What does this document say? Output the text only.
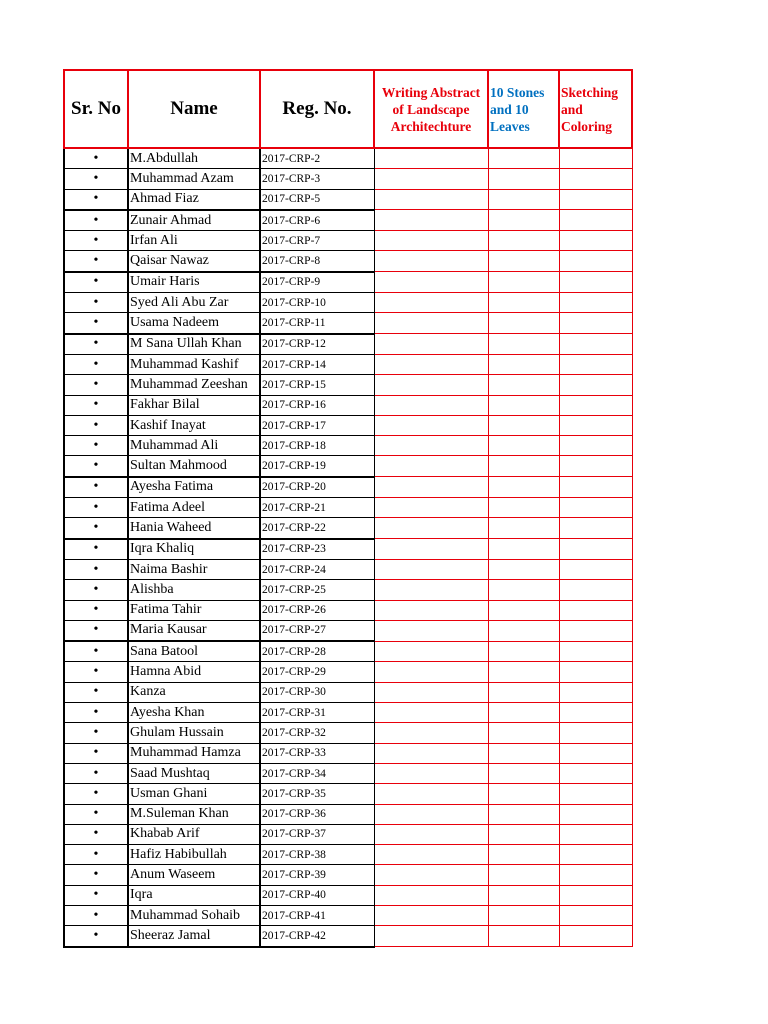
Sr. No	Name	Reg. No.	Writing Abstract of Landscape Architechture	10 Stones and 10 Leaves	Sketching and Coloring
•	M.Abdullah	2017-CRP-2			
•	Muhammad Azam	2017-CRP-3			
•	Ahmad Fiaz	2017-CRP-5			
•	Zunair Ahmad	2017-CRP-6			
•	Irfan Ali	2017-CRP-7			
•	Qaisar Nawaz	2017-CRP-8			
•	Umair Haris	2017-CRP-9			
•	Syed Ali Abu Zar	2017-CRP-10			
•	Usama Nadeem	2017-CRP-11			
•	M Sana Ullah Khan	2017-CRP-12			
•	Muhammad Kashif	2017-CRP-14			
•	Muhammad Zeeshan	2017-CRP-15			
•	Fakhar Bilal	2017-CRP-16			
•	Kashif Inayat	2017-CRP-17			
•	Muhammad Ali	2017-CRP-18			
•	Sultan Mahmood	2017-CRP-19			
•	Ayesha Fatima	2017-CRP-20			
•	Fatima Adeel	2017-CRP-21			
•	Hania Waheed	2017-CRP-22			
•	Iqra Khaliq	2017-CRP-23			
•	Naima Bashir	2017-CRP-24			
•	Alishba	2017-CRP-25			
•	Fatima Tahir	2017-CRP-26			
•	Maria Kausar	2017-CRP-27			
•	Sana Batool	2017-CRP-28			
•	Hamna Abid	2017-CRP-29			
•	Kanza	2017-CRP-30			
•	Ayesha Khan	2017-CRP-31			
•	Ghulam Hussain	2017-CRP-32			
•	Muhammad Hamza	2017-CRP-33			
•	Saad Mushtaq	2017-CRP-34			
•	Usman Ghani	2017-CRP-35			
•	M.Suleman Khan	2017-CRP-36			
•	Khabab Arif	2017-CRP-37			
•	Hafiz Habibullah	2017-CRP-38			
•	Anum Waseem	2017-CRP-39			
•	Iqra	2017-CRP-40			
•	Muhammad Sohaib	2017-CRP-41			
•	Sheeraz Jamal	2017-CRP-42			
